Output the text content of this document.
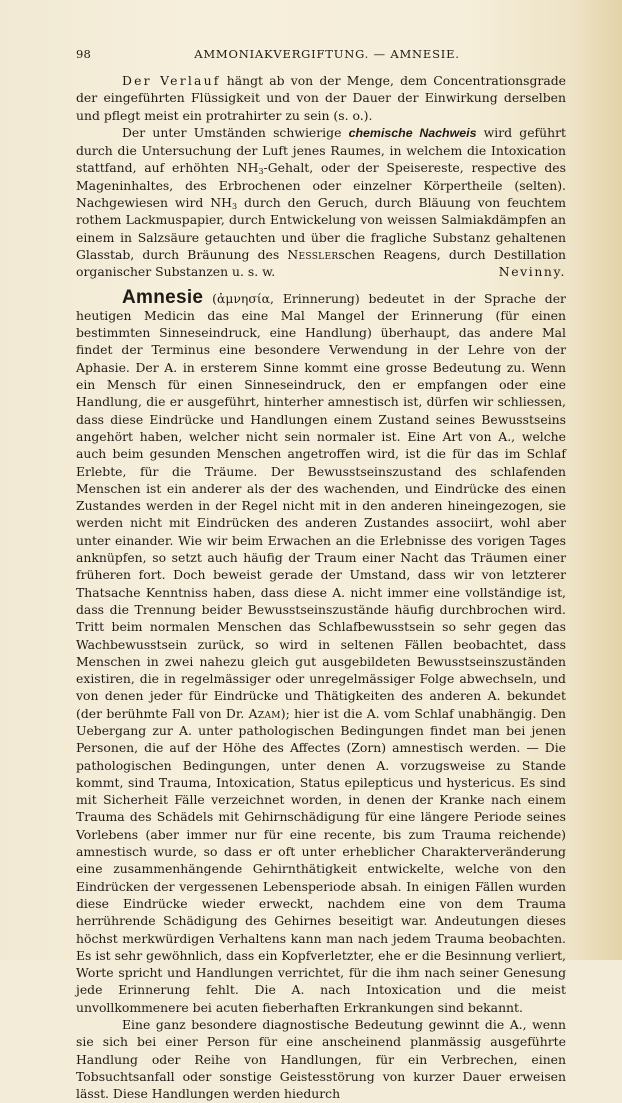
98	AMMONIAKVERGIFTUNG. — AMNESIE.

Der Verlauf hängt ab von der Menge, dem Concentrationsgrade der eingeführten Flüssigkeit und von der Dauer der Einwirkung derselben und pflegt meist ein protrahirter zu sein (s. o.).

Der unter Umständen schwierige chemische Nachweis wird geführt durch die Untersuchung der Luft jenes Raumes, in welchem die Intoxication stattfand, auf erhöhten $NH_3$-Gehalt, oder der Speisereste, respective des Mageninhaltes, des Erbrochenen oder einzelner Körpertheile (selten). Nachgewiesen wird $NH_3$ durch den Geruch, durch Bläuung von feuchtem rothem Lackmuspapier, durch Entwickelung von weissen Salmiakdämpfen an einem in Salzsäure getauchten und über die fragliche Substanz gehaltenen Glasstab, durch Bräunung des Nesslerschen Reagens, durch Destillation organischer Substanzen u. s. w.	Nevinny.

Amnesie (ἀμνησία, Erinnerung) bedeutet in der Sprache der heutigen Medicin das eine Mal Mangel der Erinnerung (für einen bestimmten Sinneseindruck, eine Handlung) überhaupt, das andere Mal findet der Terminus eine besondere Verwendung in der Lehre von der Aphasie. Der A. in ersterem Sinne kommt eine grosse Bedeutung zu. Wenn ein Mensch für einen Sinneseindruck, den er empfangen oder eine Handlung, die er ausgeführt, hinterher amnestisch ist, dürfen wir schliessen, dass diese Eindrücke und Handlungen einem Zustand seines Bewusstseins angehört haben, welcher nicht sein normaler ist. Eine Art von A., welche auch beim gesunden Menschen angetroffen wird, ist die für das im Schlaf Erlebte, für die Träume. Der Bewusstseinszustand des schlafenden Menschen ist ein anderer als der des wachenden, und Eindrücke des einen Zustandes werden in der Regel nicht mit in den anderen hineingezogen, sie werden nicht mit Eindrücken des anderen Zustandes associirt, wohl aber unter einander. Wie wir beim Erwachen an die Erlebnisse des vorigen Tages anknüpfen, so setzt auch häufig der Traum einer Nacht das Träumen einer früheren fort. Doch beweist gerade der Umstand, dass wir von letzterer Thatsache Kenntniss haben, dass diese A. nicht immer eine vollständige ist, dass die Trennung beider Bewusstseinszustände häufig durchbrochen wird. Tritt beim normalen Menschen das Schlafbewusstsein so sehr gegen das Wachbewusstsein zurück, so wird in seltenen Fällen beobachtet, dass Menschen in zwei nahezu gleich gut ausgebildeten Bewusstseinszuständen existiren, die in regelmässiger oder unregelmässiger Folge abwechseln, und von denen jeder für Eindrücke und Thätigkeiten des anderen A. bekundet (der berühmte Fall von Dr. Azam); hier ist die A. vom Schlaf unabhängig. Den Uebergang zur A. unter pathologischen Bedingungen findet man bei jenen Personen, die auf der Höhe des Affectes (Zorn) amnestisch werden. — Die pathologischen Bedingungen, unter denen A. vorzugsweise zu Stande kommt, sind Trauma, Intoxication, Status epilepticus und hystericus. Es sind mit Sicherheit Fälle verzeichnet worden, in denen der Kranke nach einem Trauma des Schädels mit Gehirnschädigung für eine längere Periode seines Vorlebens (aber immer nur für eine recente, bis zum Trauma reichende) amnestisch wurde, so dass er oft unter erheblicher Charakterveränderung eine zusammenhängende Gehirnthätigkeit entwickelte, welche von den Eindrücken der vergessenen Lebensperiode absah. In einigen Fällen wurden diese Eindrücke wieder erweckt, nachdem eine von dem Trauma herrührende Schädigung des Gehirnes beseitigt war. Andeutungen dieses höchst merkwürdigen Verhaltens kann man nach jedem Trauma beobachten. Es ist sehr gewöhnlich, dass ein Kopfverletzter, ehe er die Besinnung verliert, Worte spricht und Handlungen verrichtet, für die ihm nach seiner Genesung jede Erinnerung fehlt. Die A. nach Intoxication und die meist unvollkommenere bei acuten fieberhaften Erkrankungen sind bekannt.

Eine ganz besondere diagnostische Bedeutung gewinnt die A., wenn sie sich bei einer Person für eine anscheinend planmässig ausgeführte Handlung oder Reihe von Handlungen, für ein Verbrechen, einen Tobsuchtsanfall oder sonstige Geistesstörung von kurzer Dauer erweisen lässt. Diese Handlungen werden hiedurch
